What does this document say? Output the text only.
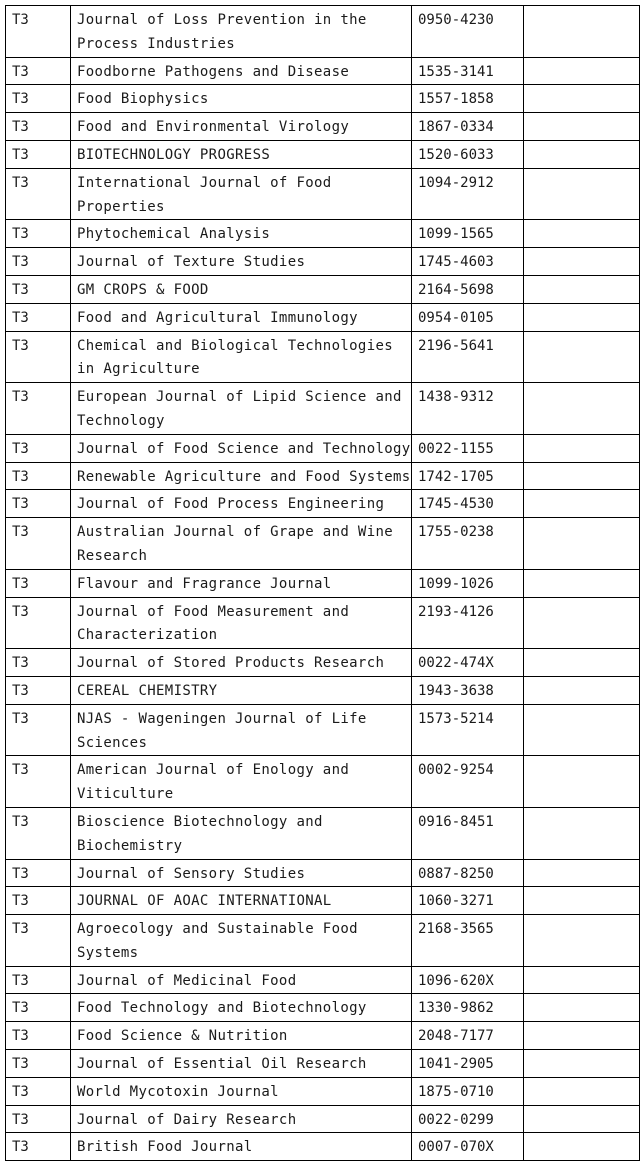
T3	Journal of Loss Prevention in the Process Industries	0950-4230	
T3	Foodborne Pathogens and Disease	1535-3141	
T3	Food Biophysics	1557-1858	
T3	Food and Environmental Virology	1867-0334	
T3	BIOTECHNOLOGY PROGRESS	1520-6033	
T3	International Journal of Food Properties	1094-2912	
T3	Phytochemical Analysis	1099-1565	
T3	Journal of Texture Studies	1745-4603	
T3	GM CROPS & FOOD	2164-5698	
T3	Food and Agricultural Immunology	0954-0105	
T3	Chemical and Biological Technologies in Agriculture	2196-5641	
T3	European Journal of Lipid Science and Technology	1438-9312	
T3	Journal of Food Science and Technology	0022-1155	
T3	Renewable Agriculture and Food Systems	1742-1705	
T3	Journal of Food Process Engineering	1745-4530	
T3	Australian Journal of Grape and Wine Research	1755-0238	
T3	Flavour and Fragrance Journal	1099-1026	
T3	Journal of Food Measurement and Characterization	2193-4126	
T3	Journal of Stored Products Research	0022-474X	
T3	CEREAL CHEMISTRY	1943-3638	
T3	NJAS - Wageningen Journal of Life Sciences	1573-5214	
T3	American Journal of Enology and Viticulture	0002-9254	
T3	Bioscience Biotechnology and Biochemistry	0916-8451	
T3	Journal of Sensory Studies	0887-8250	
T3	JOURNAL OF AOAC INTERNATIONAL	1060-3271	
T3	Agroecology and Sustainable Food Systems	2168-3565	
T3	Journal of Medicinal Food	1096-620X	
T3	Food Technology and Biotechnology	1330-9862	
T3	Food Science & Nutrition	2048-7177	
T3	Journal of Essential Oil Research	1041-2905	
T3	World Mycotoxin Journal	1875-0710	
T3	Journal of Dairy Research	0022-0299	
T3	British Food Journal	0007-070X	
